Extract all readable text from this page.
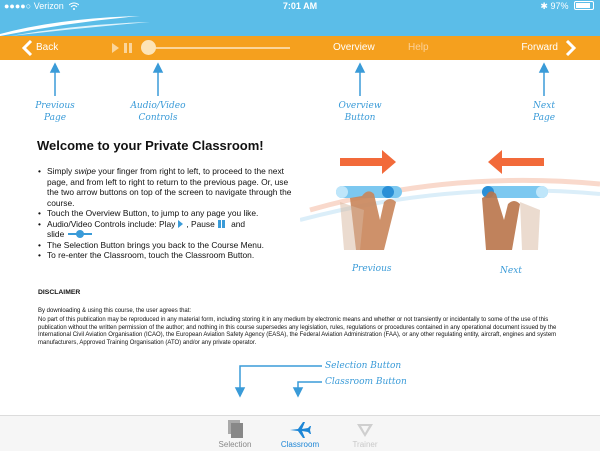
●●●●○ Verizon	7:01 AM	✱ 97%
Back	Overview	Help	Forward
Previous
Page
Audio/Video
Controls
Overview
Button
Next
Page
Welcome to your Private Classroom!
• Simply swipe your finger from right to left, to proceed to the next page, and from left to right to return to the previous page. Or, use the two arrow buttons on top of the screen to navigate through the course.
• Touch the Overview Button, to jump to any page you like.
• Audio/Video Controls include: Play , Pause and
slide
• The Selection Button brings you back to the Course Menu.
• To re-enter the Classroom, touch the Classroom Button.
Previous	Next
DISCLAIMER
By downloading & using this course, the user agrees that:
No part of this publication may be reproduced in any material form, including storing it in any medium by electronic means and whether or not transiently or incidentally to some of the use of this publication without the written permission of the author; and nothing in this course supersedes any legislation, rules, regulations or procedures contained in any operational document issued by the International Civil Aviation Organisation (ICAO), the European Aviation Safety Agency (EASA), the Federal Aviation Administration (FAA), or any other regulating entity, aircraft, engines and system manufacturers, Approved Training Organisation (ATO) and/or any private operator.
Selection Button
Classroom Button
Selection	Classroom	Trainer
